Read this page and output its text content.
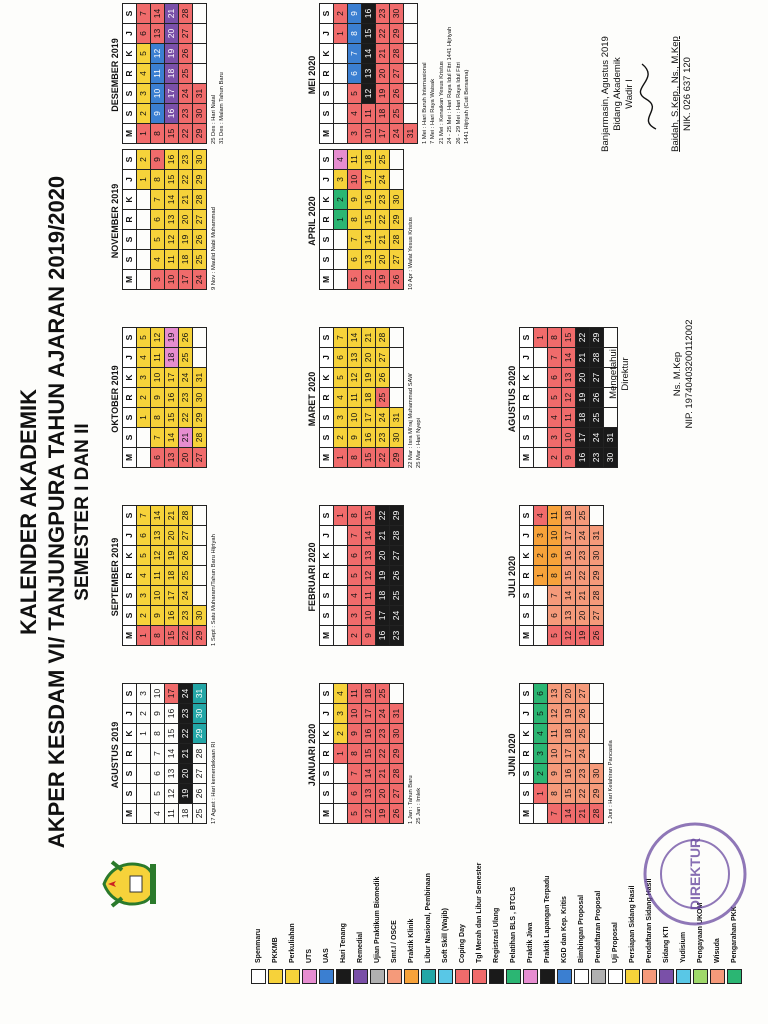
KALENDER AKADEMIK AKPER KESDAM VI/ TANJUNGPURA TAHUN AJARAN 2019/2020 SEMESTER I DAN II
AGUSTUS 2019
M	S	S	R	K	J	S
				1	2	3
4	5	6	7	8	9	10
11	12	13	14	15	16	17
18	19	20	21	22	23	24
25	26	27	28	29	30	31
17 Agust : Hari kemerdekaan RI
SEPTEMBER 2019
M	S	S	R	K	J	S
1	2	3	4	5	6	7
8	9	10	11	12	13	14
15	16	17	18	19	20	21
22	23	24	25	26	27	28
29	30					1 Sept : Satu Muharam/Tahun Baru Hijriyah
OKTOBER 2019
M	S	S	R	K	J	S
		1	2	3	4	5
6	7	8	9	10	11	12
13	14	15	16	17	18	19
20	21	22	23	24	25	26
27	28	29	30	31		
NOVEMBER 2019
M	S	S	R	K	J	S
					1	2
3	4	5	6	7	8	9
10	11	12	13	14	15	16
17	18	19	20	21	22	23
24	25	26	27	28	29	30
9 Nov : Maulid Nabi Muhammad
DESEMBER 2019
M	S	S	R	K	J	S
1	2	3	4	5	6	7
8	9	10	11	12	13	14
15	16	17	18	19	20	21
22	23	24	25	26	27	28
29	30	31				
25 Des : Hari Natal 31 Des : Malam Tahun Baru
JANUARI 2020
M	S	S	R	K	J	S
			1	2	3	4
5	6	7	8	9	10	11
12	13	14	15	16	17	18
19	20	21	22	23	24	25
26	27	28	29	30	31	
1 Jan : Tahun Baru 25 Jan : Imlek
FEBRUARI 2020
M	S	S	R	K	J	S
						1
2	3	4	5	6	7	8
9	10	11	12	13	14	15
16	17	18	19	20	21	22
23	24	25	26	27	28	29
MARET 2020
M	S	S	R	K	J	S
1	2	3	4	5	6	7
8	9	10	11	12	13	14
15	16	17	18	19	20	21
22	23	24	25	26	27	28
29	30	31				22 Mar : Isra Mi'raj Muhammad SAW 25 Mar : Hari Nyepi
APRIL 2020
M	S	S	R	K	J	S
			1	2	3	4
5	6	7	8	9	10	11
12	13	14	15	16	17	18
19	20	21	22	23	24	25
26	27	28	29	30		
10 Apr : Wafat Yesus Kristus
MEI 2020
M	S	S	R	K	J	S
					1	2
3	4	5	6	7	8	9
10	11	12	13	14	15	16
17	18	19	20	21	22	23
24	25	26	27	28	29	30
31						1 Mei : Hari Buruh Internasional 7 Mei : Hari Raya Waisak 21 Mei : Kenaikan Yesus Kristus 24 - 25 Mei : Hari Raya Idul Fitri 1441 Hijriyah 26 - 29 Mei : Hari Raya Idul Fitri 1441 Hijriyah (Cuti Bersama)
JUNI 2020
M	S	S	R	K	J	S
	1	2	3	4	5	6
7	8	9	10	11	12	13
14	15	16	17	18	19	20
21	22	23	24	25	26	27
28	29	30				1 Juni : Hari Kelahiran Pancasila
JULI 2020
M	S	S	R	K	J	S
			1	2	3	4
5	6	7	8	9	10	11
12	13	14	15	16	17	18
19	20	21	22	23	24	25
26	27	28	29	30	31	
AGUSTUS 2020
M	S	S	R	K	J	S
						1
2	3	4	5	6	7	8
9	10	11	12	13	14	15
16	17	18	19	20	21	22
23	24	25	26	27	28	29
30	31					
Spenmaru PKKMB Perkuliahan UTS UAS Hari Tenang Remedial Ujian Praktikum Biomedik Smt.I / OSCE Praktik Klinik Libur Nasional, Pembinaan Soft Skill (Wajib) Coping Day Tgl Merah dan Libur Semester Registrasi Ulang Pelatihan BLS , BTCLS Praktik Jiwa Praktik Lapangan Terpadu KGD dan Kep. Kritis Bimbingan Proposal Pendaftaran Proposal Uji Proposal Persiapan Sidang Hasil Pendaftaran Sidang Hasil Sidang KTI Yudisium Pengayaan UKOM Wisuda Pengarahan PKK
DIREKTUR
Mengetahui Direktur	Ns. M.Kep NIP. 19740403200112002
Banjarmasin, Agustus 2019 Bidang Akademik Wadir I	Baidah, S.Kep., Ns., M.Kep NIK. 026 637 120
